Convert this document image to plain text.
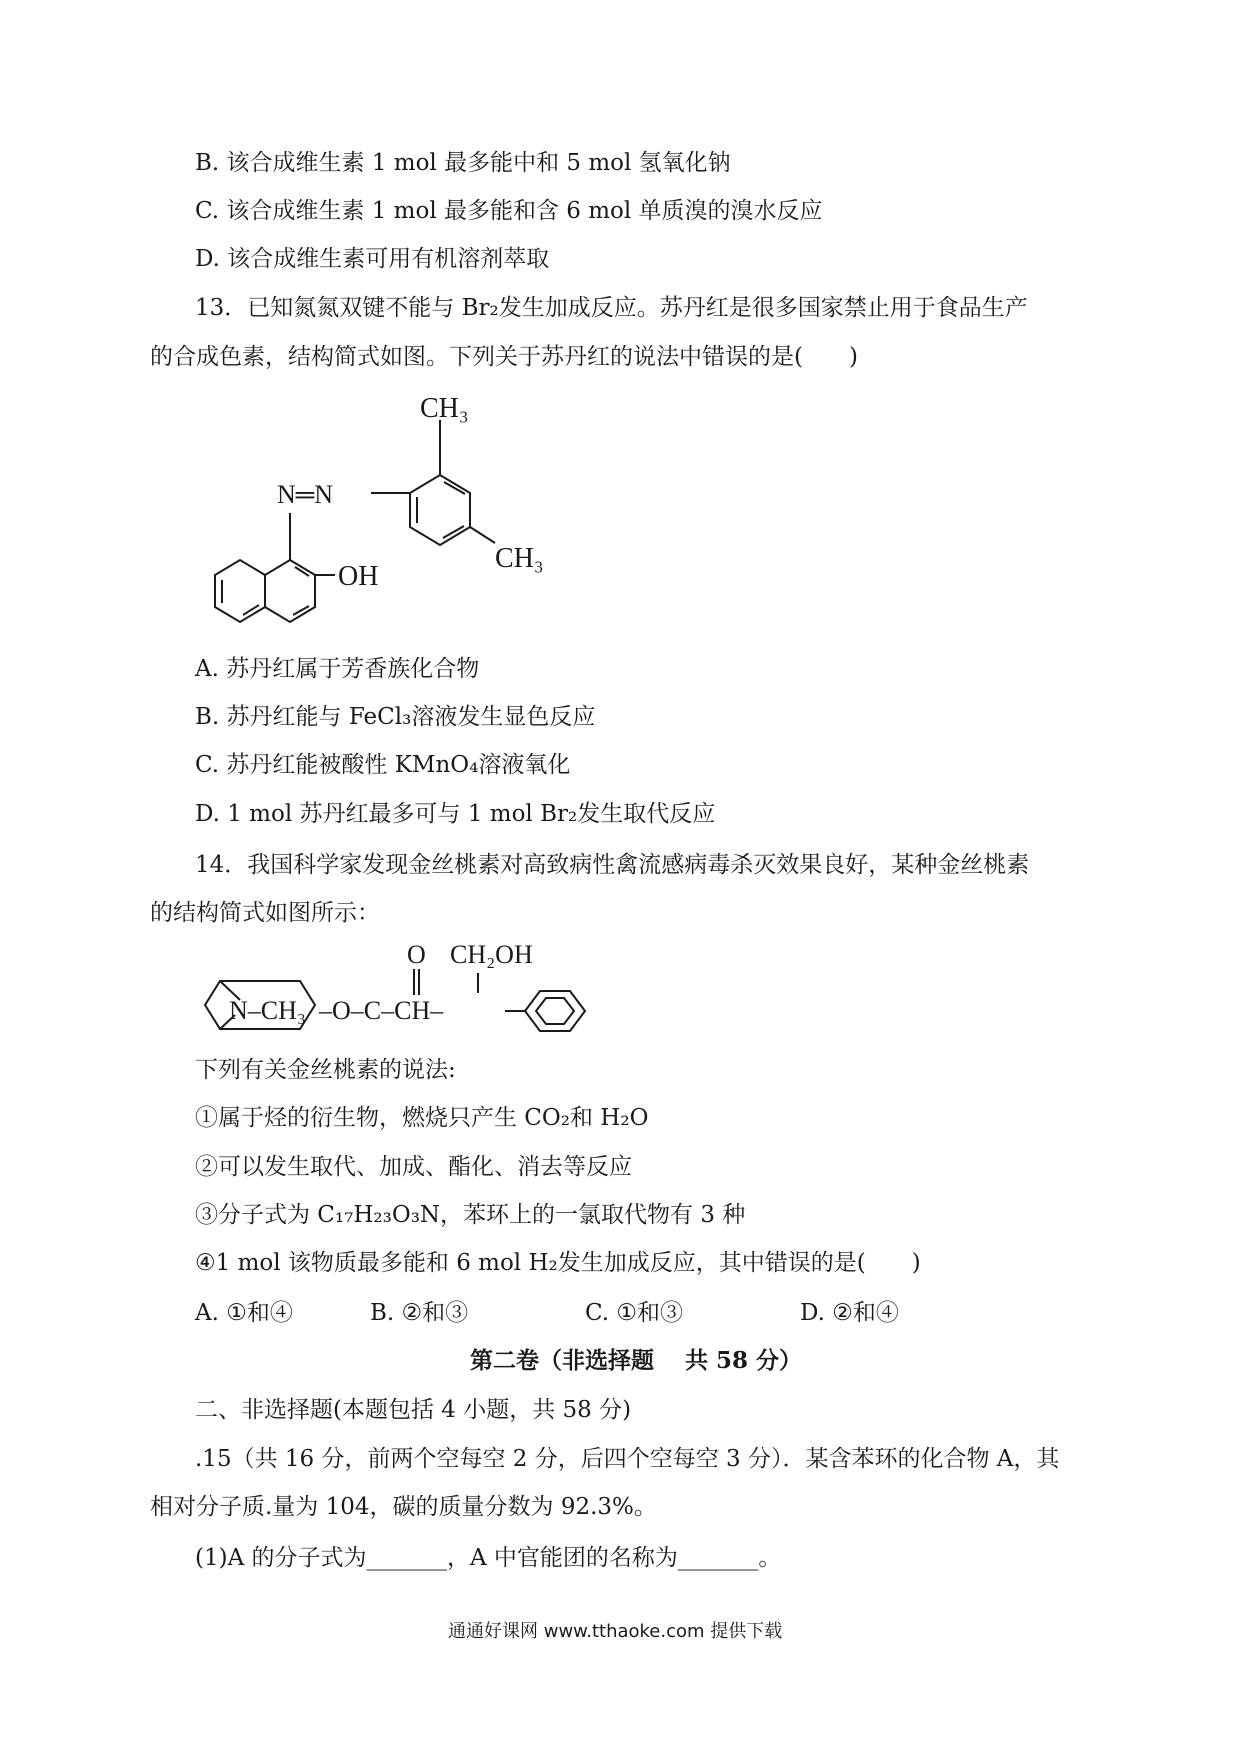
B. 该合成维生素 1 mol 最多能中和 5 mol 氢氧化钠
C. 该合成维生素 1 mol 最多能和含 6 mol 单质溴的溴水反应
D. 该合成维生素可用有机溶剂萃取
13．已知氮氮双键不能与 Br₂发生加成反应。苏丹红是很多国家禁止用于食品生产
的合成色素，结构简式如图。下列关于苏丹红的说法中错误的是(　　)
CH₃
N═N
OH
CH₃
A. 苏丹红属于芳香族化合物
B. 苏丹红能与 FeCl₃溶液发生显色反应
C. 苏丹红能被酸性 KMnO₄溶液氧化
D. 1 mol 苏丹红最多可与 1 mol Br₂发生取代反应
14．我国科学家发现金丝桃素对高致病性禽流感病毒杀灭效果良好，某种金丝桃素
的结构简式如图所示：
O CH₂OH
N–CH₃ –O–C–CH–
下列有关金丝桃素的说法:
①属于烃的衍生物，燃烧只产生 CO₂和 H₂O
②可以发生取代、加成、酯化、消去等反应
③分子式为 C₁₇H₂₃O₃N，苯环上的一氯取代物有 3 种
④1 mol 该物质最多能和 6 mol H₂发生加成反应，其中错误的是(　　)
A. ①和④	B. ②和③	C. ①和③	D. ②和④
第二卷（非选择题　 共 58 分）
二、非选择题(本题包括 4 小题，共 58 分)
.15（共 16 分，前两个空每空 2 分，后四个空每空 3 分）．某含苯环的化合物 A，其
相对分子质.量为 104，碳的质量分数为 92.3%。
(1)A 的分子式为_______，A 中官能团的名称为_______。
通通好课网 www.tthaoke.com 提供下载
